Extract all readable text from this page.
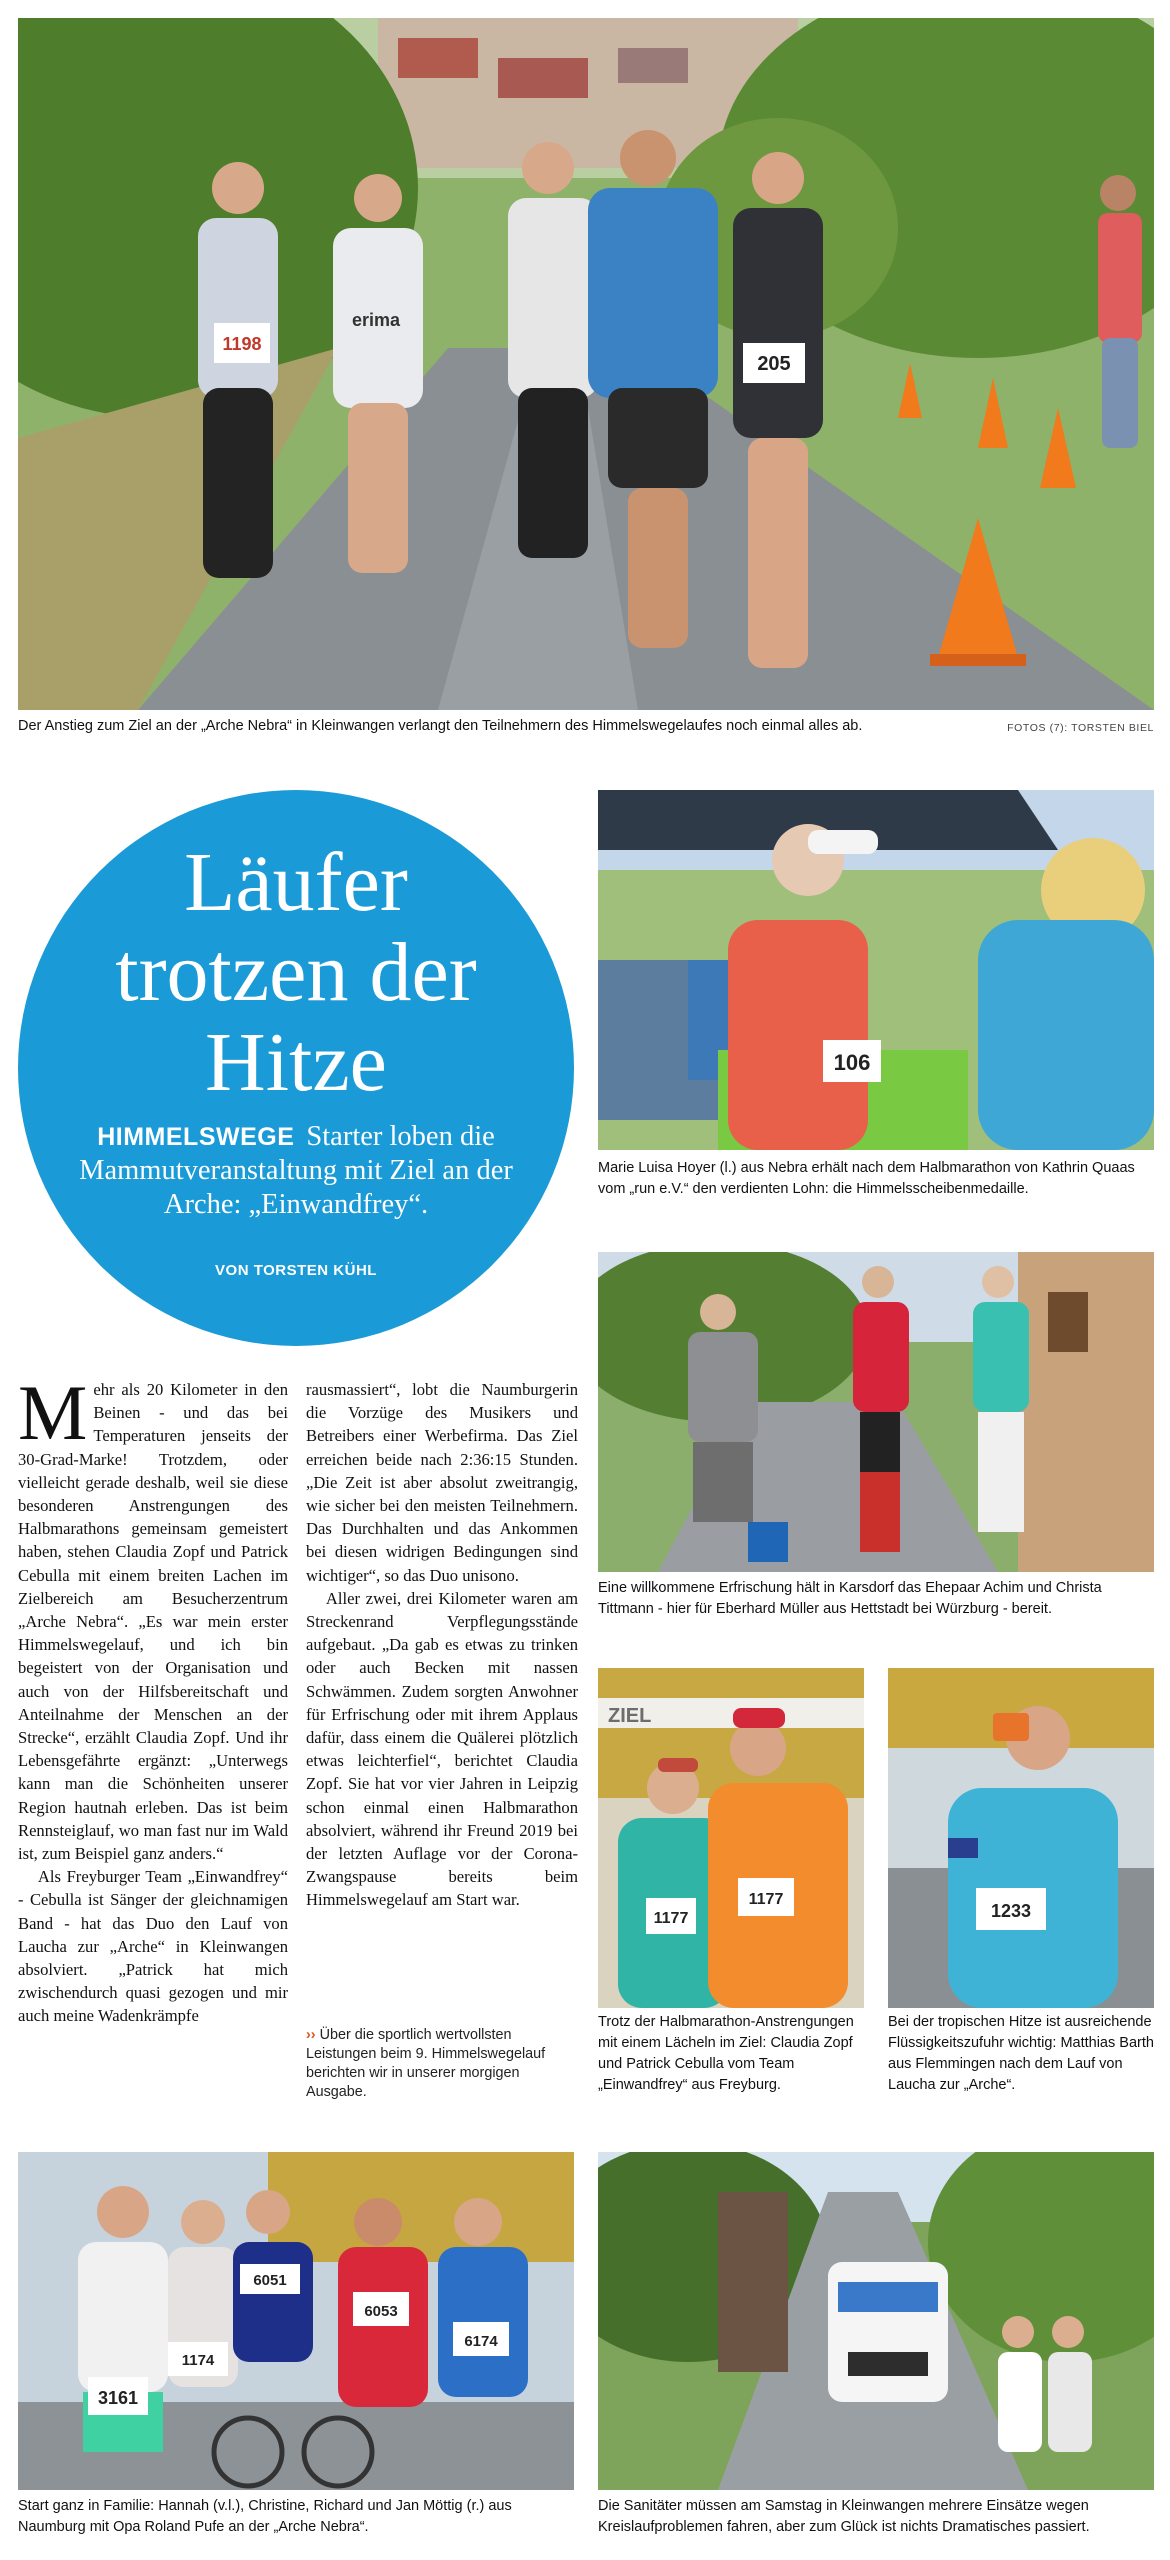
1198
erima
205
Der Anstieg zum Ziel an der „Arche Nebra“ in Kleinwangen verlangt den Teilnehmern des Himmelswegelaufes noch einmal alles ab.	FOTOS (7): TORSTEN BIEL
Läufer
trotzen der
Hitze
HIMMELSWEGE Starter loben die Mammutveranstaltung mit Ziel an der Arche: „Einwandfrey“.
VON TORSTEN KÜHL
106
Marie Luisa Hoyer (l.) aus Nebra erhält nach dem Halbmarathon von Kathrin Quaas vom „run e.V.“ den verdienten Lohn: die Himmelsscheibenmedaille.
Eine willkommene Erfrischung hält in Karsdorf das Ehepaar Achim und Christa Tittmann - hier für Eberhard Müller aus Hettstadt bei Würzburg - bereit.
ZIEL
1177
1177
Trotz der Halbmarathon-Anstrengungen mit einem Lächeln im Ziel: Claudia Zopf und Patrick Cebulla vom Team „Einwandfrey“ aus Freyburg.
1233
Bei der tropischen Hitze ist ausreichende Flüssigkeitszufuhr wichtig: Matthias Barth aus Flemmingen nach dem Lauf von Laucha zur „Arche“.
3161
1174
6051
6053
6174
Start ganz in Familie: Hannah (v.l.), Christine, Richard und Jan Möttig (r.) aus Naumburg mit Opa Roland Pufe an der „Arche Nebra“.
Die Sanitäter müssen am Samstag in Kleinwangen mehrere Einsätze wegen Kreislaufproblemen fahren, aber zum Glück ist nichts Dramatisches passiert.

Mehr als 20 Kilometer in den Beinen - und das bei Temperaturen jenseits der 30-Grad-Marke! Trotzdem, oder vielleicht gerade deshalb, weil sie diese besonderen Anstrengungen des Halbmarathons gemeinsam gemeistert haben, stehen Claudia Zopf und Patrick Cebulla mit einem breiten Lachen im Zielbereich am Besucherzentrum „Arche Nebra“. „Es war mein erster Himmelswegelauf, und ich bin begeistert von der Organisation und auch von der Hilfsbereitschaft und Anteilnahme der Menschen an der Strecke“, erzählt Claudia Zopf. Und ihr Lebensgefährte ergänzt: „Unterwegs kann man die Schönheiten unserer Region hautnah erleben. Das ist beim Rennsteiglauf, wo man fast nur im Wald ist, zum Beispiel ganz anders.“

Als Freyburger Team „Einwandfrey“ - Cebulla ist Sänger der gleichnamigen Band - hat das Duo den Lauf von Laucha zur „Arche“ in Kleinwangen absolviert. „Patrick hat mich zwischendurch quasi gezogen und mir auch meine Wadenkrämpfe

rausmassiert“, lobt die Naumburgerin die Vorzüge des Musikers und Betreibers einer Werbefirma. Das Ziel erreichen beide nach 2:36:15 Stunden. „Die Zeit ist aber absolut zweitrangig, wie sicher bei den meisten Teilnehmern. Das Durchhalten und das Ankommen bei diesen widrigen Bedingungen sind wichtiger“, so das Duo unisono.

Aller zwei, drei Kilometer waren am Streckenrand Verpflegungsstände aufgebaut. „Da gab es etwas zu trinken oder auch Becken mit nassen Schwämmen. Zudem sorgten Anwohner für Erfrischung oder mit ihrem Applaus dafür, dass einem die Quälerei plötzlich etwas leichterfiel“, berichtet Claudia Zopf. Sie hat vor vier Jahren in Leipzig schon einmal einen Halbmarathon absolviert, während ihr Freund 2019 bei der letzten Auflage vor der Corona-Zwangspause bereits beim Himmelswegelauf am Start war.

›› Über die sportlich wertvollsten Leistungen beim 9. Himmelswegelauf berichten wir in unserer morgigen Ausgabe.
